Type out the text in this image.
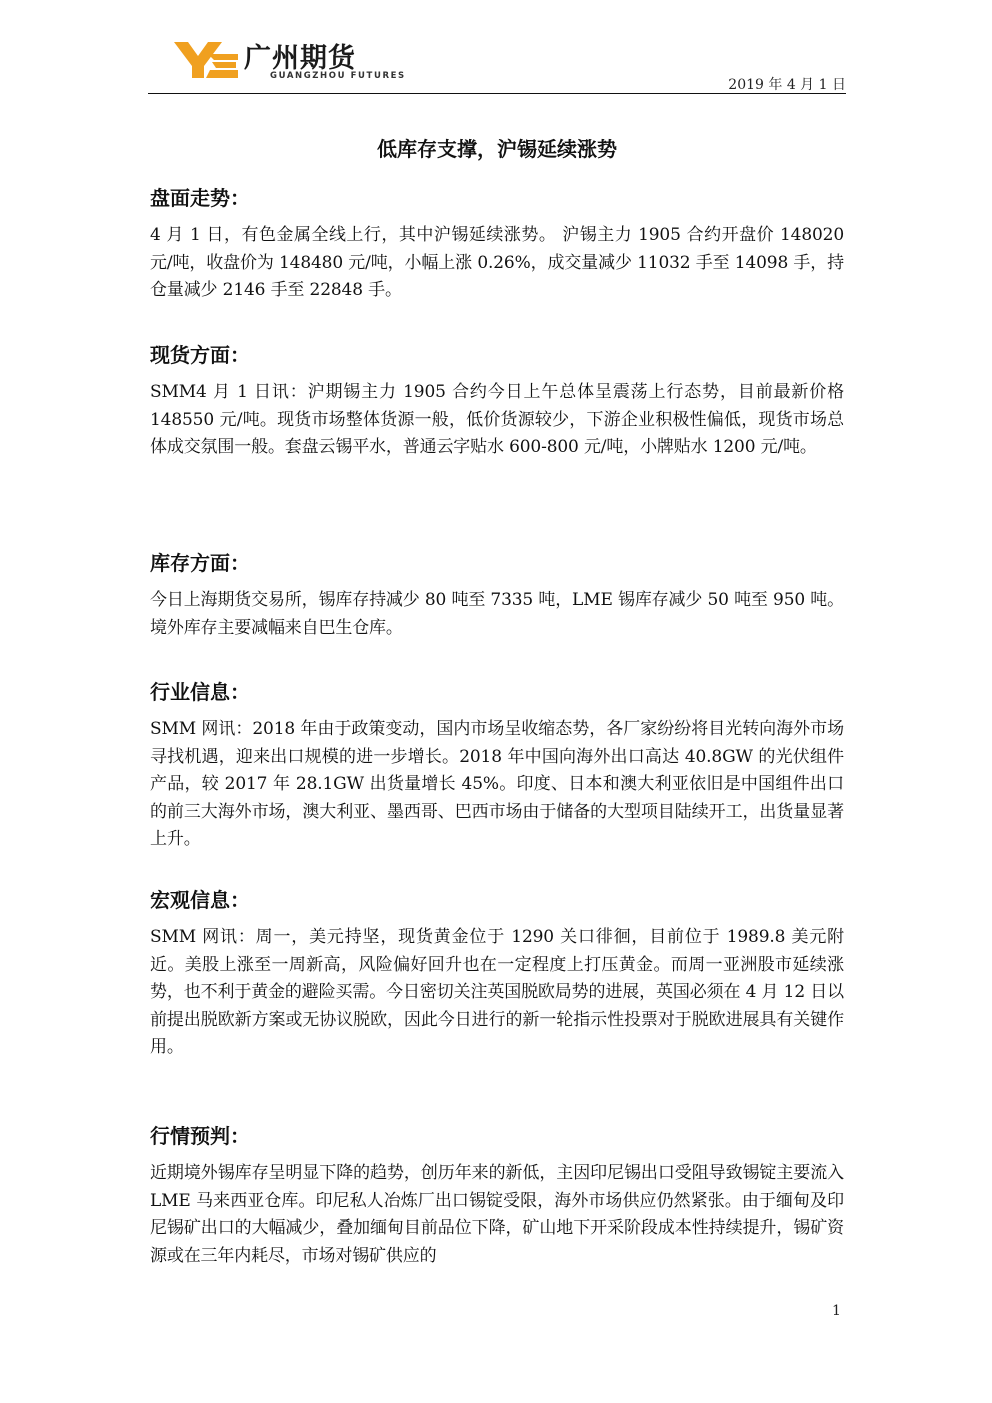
广州期货
GUANGZHOU FUTURES
2019 年 4 月 1 日
低库存支撑，沪锡延续涨势
盘面走势：

4 月 1 日，有色金属全线上行，其中沪锡延续涨势。 沪锡主力 1905 合约开盘价 148020 元/吨，收盘价为 148480 元/吨，小幅上涨 0.26%，成交量减少 11032 手至 14098 手，持仓量减少 2146 手至 22848 手。

现货方面：

SMM4 月 1 日讯：沪期锡主力 1905 合约今日上午总体呈震荡上行态势，目前最新价格 148550 元/吨。现货市场整体货源一般，低价货源较少，下游企业积极性偏低，现货市场总体成交氛围一般。套盘云锡平水，普通云字贴水 600-800 元/吨，小牌贴水 1200 元/吨。

库存方面：

今日上海期货交易所，锡库存持减少 80 吨至 7335 吨，LME 锡库存减少 50 吨至 950 吨。境外库存主要减幅来自巴生仓库。

行业信息：

SMM 网讯：2018 年由于政策变动，国内市场呈收缩态势，各厂家纷纷将目光转向海外市场寻找机遇，迎来出口规模的进一步增长。2018 年中国向海外出口高达 40.8GW 的光伏组件产品，较 2017 年 28.1GW 出货量增长 45%。印度、日本和澳大利亚依旧是中国组件出口的前三大海外市场，澳大利亚、墨西哥、巴西市场由于储备的大型项目陆续开工，出货量显著上升。

宏观信息：

SMM 网讯：周一，美元持坚，现货黄金位于 1290 关口徘徊，目前位于 1989.8 美元附近。美股上涨至一周新高，风险偏好回升也在一定程度上打压黄金。而周一亚洲股市延续涨势，也不利于黄金的避险买需。今日密切关注英国脱欧局势的进展，英国必须在 4 月 12 日以前提出脱欧新方案或无协议脱欧，因此今日进行的新一轮指示性投票对于脱欧进展具有关键作用。

行情预判：

近期境外锡库存呈明显下降的趋势，创历年来的新低，主因印尼锡出口受阻导致锡锭主要流入 LME 马来西亚仓库。印尼私人冶炼厂出口锡锭受限，海外市场供应仍然紧张。由于缅甸及印尼锡矿出口的大幅减少，叠加缅甸目前品位下降，矿山地下开采阶段成本性持续提升，锡矿资源或在三年内耗尽，市场对锡矿供应的

1
